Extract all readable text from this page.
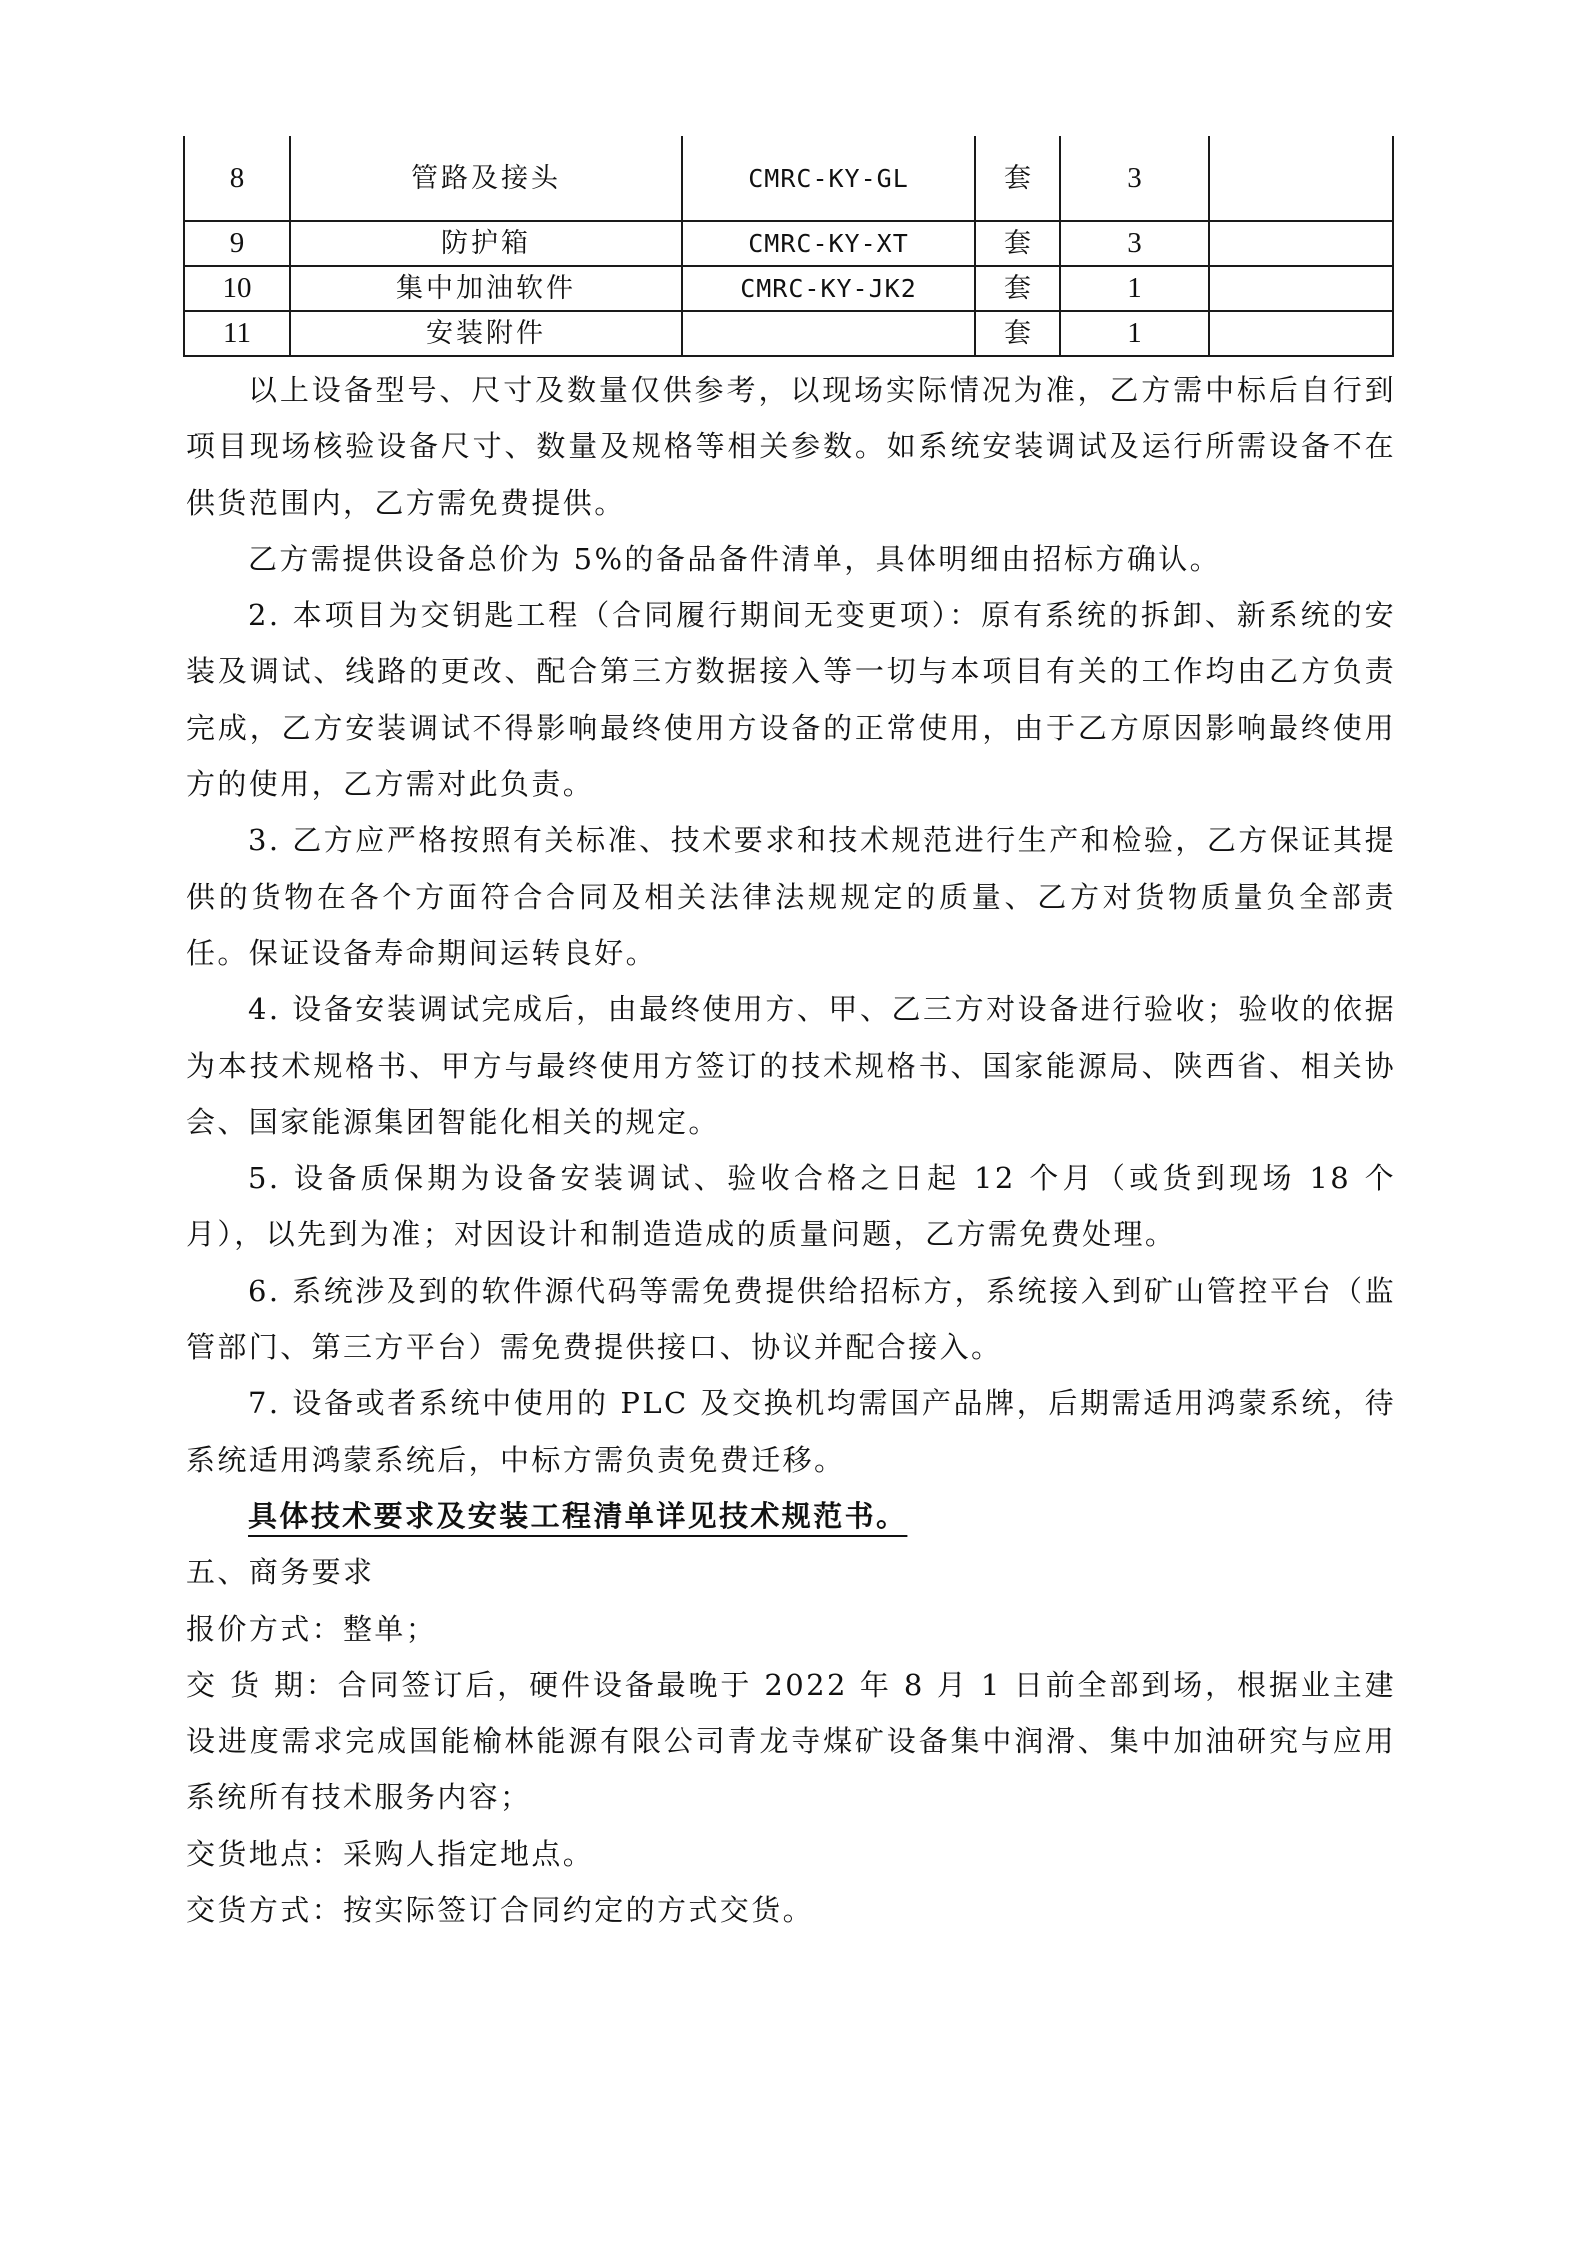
8	管路及接头	CMRC-KY-GL	套	3	
9	防护箱	CMRC-KY-XT	套	3	
10	集中加油软件	CMRC-KY-JK2	套	1	
11	安装附件		套	1	

以上设备型号、尺寸及数量仅供参考，以现场实际情况为准，乙方需中标后自行到项目现场核验设备尺寸、数量及规格等相关参数。如系统安装调试及运行所需设备不在供货范围内，乙方需免费提供。

乙方需提供设备总价为 5%的备品备件清单，具体明细由招标方确认。

2. 本项目为交钥匙工程（合同履行期间无变更项）：原有系统的拆卸、新系统的安装及调试、线路的更改、配合第三方数据接入等一切与本项目有关的工作均由乙方负责完成，乙方安装调试不得影响最终使用方设备的正常使用，由于乙方原因影响最终使用方的使用，乙方需对此负责。

3. 乙方应严格按照有关标准、技术要求和技术规范进行生产和检验，乙方保证其提供的货物在各个方面符合合同及相关法律法规规定的质量、乙方对货物质量负全部责任。保证设备寿命期间运转良好。

4. 设备安装调试完成后，由最终使用方、甲、乙三方对设备进行验收；验收的依据为本技术规格书、甲方与最终使用方签订的技术规格书、国家能源局、陕西省、相关协会、国家能源集团智能化相关的规定。

5. 设备质保期为设备安装调试、验收合格之日起 12 个月（或货到现场 18 个月），以先到为准；对因设计和制造造成的质量问题，乙方需免费处理。

6. 系统涉及到的软件源代码等需免费提供给招标方，系统接入到矿山管控平台（监管部门、第三方平台）需免费提供接口、协议并配合接入。

7. 设备或者系统中使用的 PLC 及交换机均需国产品牌，后期需适用鸿蒙系统，待系统适用鸿蒙系统后，中标方需负责免费迁移。

具体技术要求及安装工程清单详见技术规范书。

五、商务要求

报价方式：整单；

交 货 期：合同签订后，硬件设备最晚于 2022 年 8 月 1 日前全部到场，根据业主建设进度需求完成国能榆林能源有限公司青龙寺煤矿设备集中润滑、集中加油研究与应用系统所有技术服务内容；

交货地点：采购人指定地点。

交货方式：按实际签订合同约定的方式交货。
